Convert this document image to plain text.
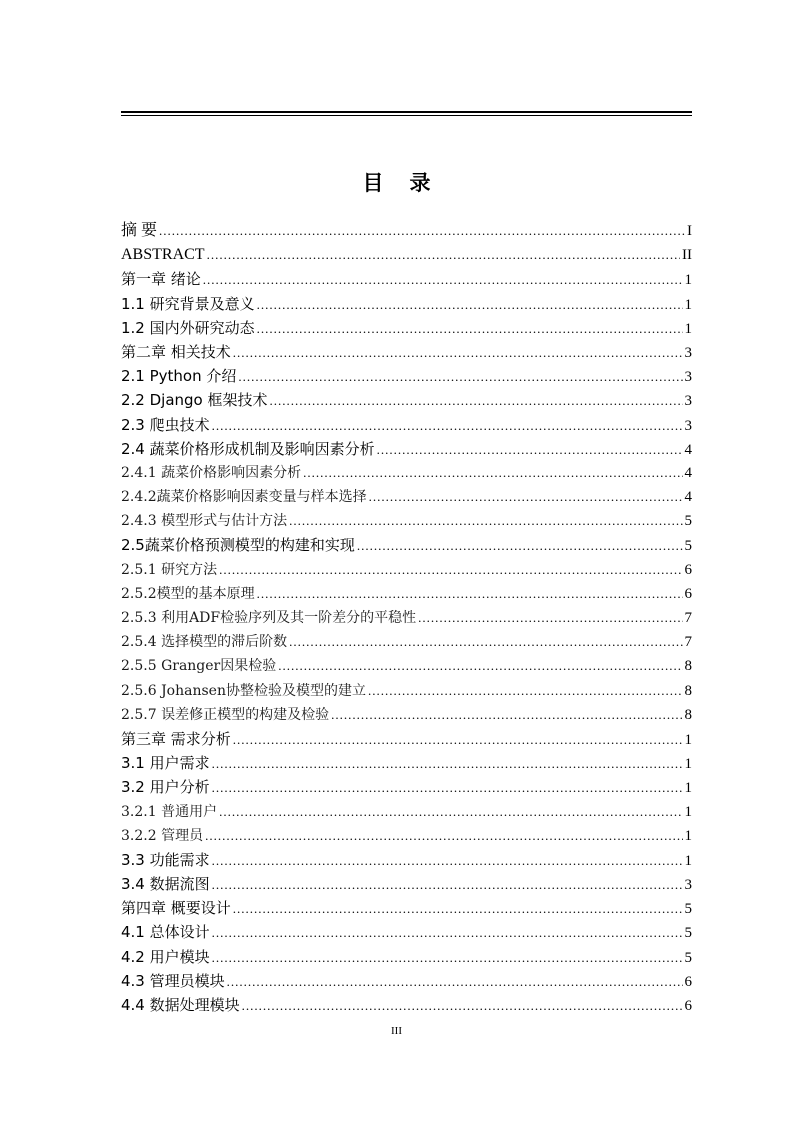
目录
摘 要 .....	I
ABSTRACT .....	II
第一章 绪论 .....	1
1.1 研究背景及意义 .....	1
1.2 国内外研究动态 .....	1
第二章 相关技术 .....	3
2.1 Python 介绍 .....	3
2.2 Django 框架技术 .....	3
2.3 爬虫技术 .....	3
2.4 蔬菜价格形成机制及影响因素分析 .....	4
2.4.1 蔬菜价格影响因素分析 .....	4
2.4.2蔬菜价格影响因素变量与样本选择 .....	4
2.4.3 模型形式与估计方法 .....	5
2.5蔬菜价格预测模型的构建和实现 .....	5
2.5.1 研究方法 .....	6
2.5.2模型的基本原理 .....	6
2.5.3 利用ADF检验序列及其一阶差分的平稳性 .....	7
2.5.4 选择模型的滞后阶数 .....	7
2.5.5 Granger因果检验 .....	8
2.5.6 Johansen协整检验及模型的建立 .....	8
2.5.7 误差修正模型的构建及检验 .....	8
第三章 需求分析 .....	1
3.1 用户需求 .....	1
3.2 用户分析 .....	1
3.2.1 普通用户 .....	1
3.2.2 管理员 .....	1
3.3 功能需求 .....	1
3.4 数据流图 .....	3
第四章 概要设计 .....	5
4.1 总体设计 .....	5
4.2 用户模块 .....	5
4.3 管理员模块 .....	6
4.4 数据处理模块 .....	6
III
